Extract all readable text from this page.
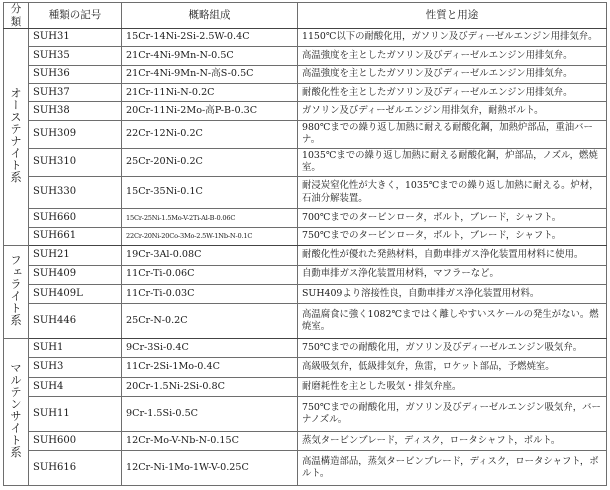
分類	種類の記号	概略組成	性質と用途
オーステナイト系	SUH31	15Cr-14Ni-2Si-2.5W-0.4C	1150℃以下の耐酸化用，ガソリン及びディーゼルエンジン用排気弁。
	SUH35	21Cr-4Ni-9Mn-N-0.5C	高温強度を主としたガソリン及びディーゼルエンジン用排気弁。
	SUH36	21Cr-4Ni-9Mn-N-高S-0.5C	高温強度を主としたガソリン及びディーゼルエンジン用排気弁。
	SUH37	21Cr-11Ni-N-0.2C	耐酸化性を主としたガソリン及びディーゼルエンジン用排気弁。
	SUH38	20Cr-11Ni-2Mo-高P-B-0.3C	ガソリン及びディーゼルエンジン用排気弁，耐熱ボルト。
	SUH309	22Cr-12Ni-0.2C	980℃までの繰り返し加熱に耐える耐酸化鋼，加熱炉部品，重油バーナ。
	SUH310	25Cr-20Ni-0.2C	1035℃までの繰り返し加熱に耐える耐酸化鋼，炉部品，ノズル，燃焼室。
	SUH330	15Cr-35Ni-0.1C	耐浸炭窒化性が大きく，1035℃までの繰り返し加熱に耐える。炉材，石油分解装置。
	SUH660	15Cr-25Ni-1.5Mo-V-2Ti-Al-B-0.06C	700℃までのタービンロータ，ボルト，ブレード，シャフト。
	SUH661	22Cr-20Ni-20Co-3Mo-2.5W-1Nb-N-0.1C	750℃までのタービンロータ，ボルト，ブレード，シャフト。
フェライト系	SUH21	19Cr-3Al-0.08C	耐酸化性が優れた発熱材料，自動車排ガス浄化装置用材料に使用。
	SUH409	11Cr-Ti-0.06C	自動車排ガス浄化装置用材料，マフラーなど。
	SUH409L	11Cr-Ti-0.03C	SUH409より溶接性良，自動車排ガス浄化装置用材料。
	SUH446	25Cr-N-0.2C	高温腐食に強く1082℃まではく離しやすいスケールの発生がない。燃焼室。
マルテンサイト系	SUH1	9Cr-3Si-0.4C	750℃までの耐酸化用，ガソリン及びディーゼルエンジン吸気弁。
	SUH3	11Cr-2Si-1Mo-0.4C	高級吸気弁，低級排気弁，魚雷，ロケット部品，予燃焼室。
	SUH4	20Cr-1.5Ni-2Si-0.8C	耐磨耗性を主とした吸気・排気弁座。
	SUH11	9Cr-1.5Si-0.5C	750℃までの耐酸化用，ガソリン及びディーゼルエンジン吸気弁，バーナノズル。
	SUH600	12Cr-Mo-V-Nb-N-0.15C	蒸気タービンブレード，ディスク，ロータシャフト，ボルト。
	SUH616	12Cr-Ni-1Mo-1W-V-0.25C	高温構造部品，蒸気タービンブレード，ディスク，ロータシャフト，ボルト。
